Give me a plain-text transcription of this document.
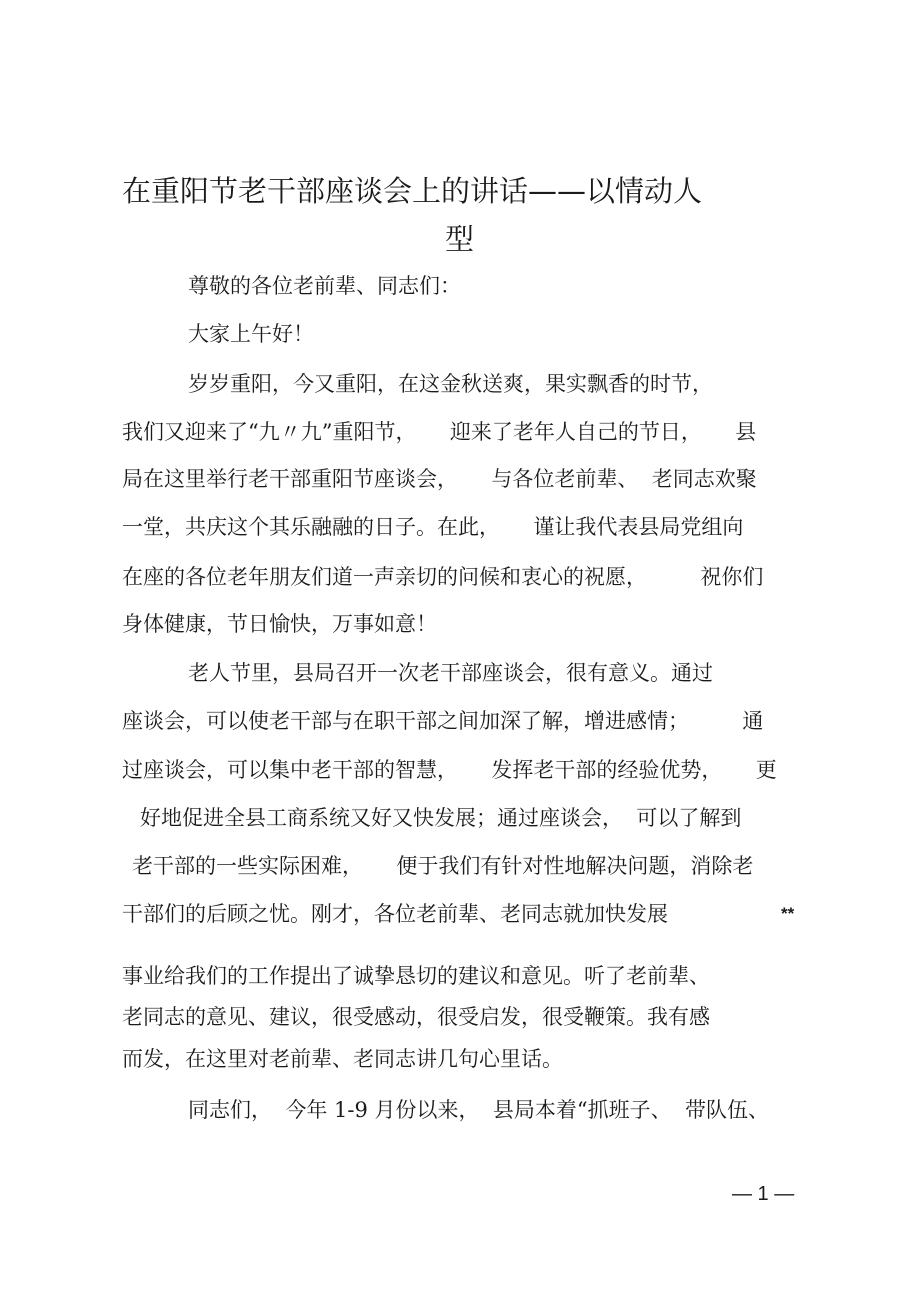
在重阳节老干部座谈会上的讲话——以情动人
型
尊敬的各位老前辈、同志们：
大家上午好！
岁岁重阳，今又重阳，在这金秋送爽，果实飘香的时节，
我们又迎来了“九〃九”重阳节，     迎来了老年人自己的节日，     县
局在这里举行老干部重阳节座谈会，     与各位老前辈、  老同志欢聚
一堂，共庆这个其乐融融的日子。在此，     谨让我代表县局党组向
在座的各位老年朋友们道一声亲切的问候和衷心的祝愿，        祝你们
身体健康，节日愉快，万事如意！
老人节里，县局召开一次老干部座谈会，很有意义。通过
座谈会，可以使老干部与在职干部之间加深了解，增进感情；        通
过座谈会，可以集中老干部的智慧，     发挥老干部的经验优势，     更
好地促进全县工商系统又好又快发展；通过座谈会，  可以了解到
老干部的一些实际困难，     便于我们有针对性地解决问题，消除老
干部们的后顾之忧。刚才，各位老前辈、老同志就加快发展	**
事业给我们的工作提出了诚挚恳切的建议和意见。听了老前辈、
老同志的意见、建议，很受感动，很受启发，很受鞭策。我有感
而发，在这里对老前辈、老同志讲几句心里话。
同志们，  今年 1-9 月份以来，  县局本着“抓班子、  带队伍、
— 1 —
